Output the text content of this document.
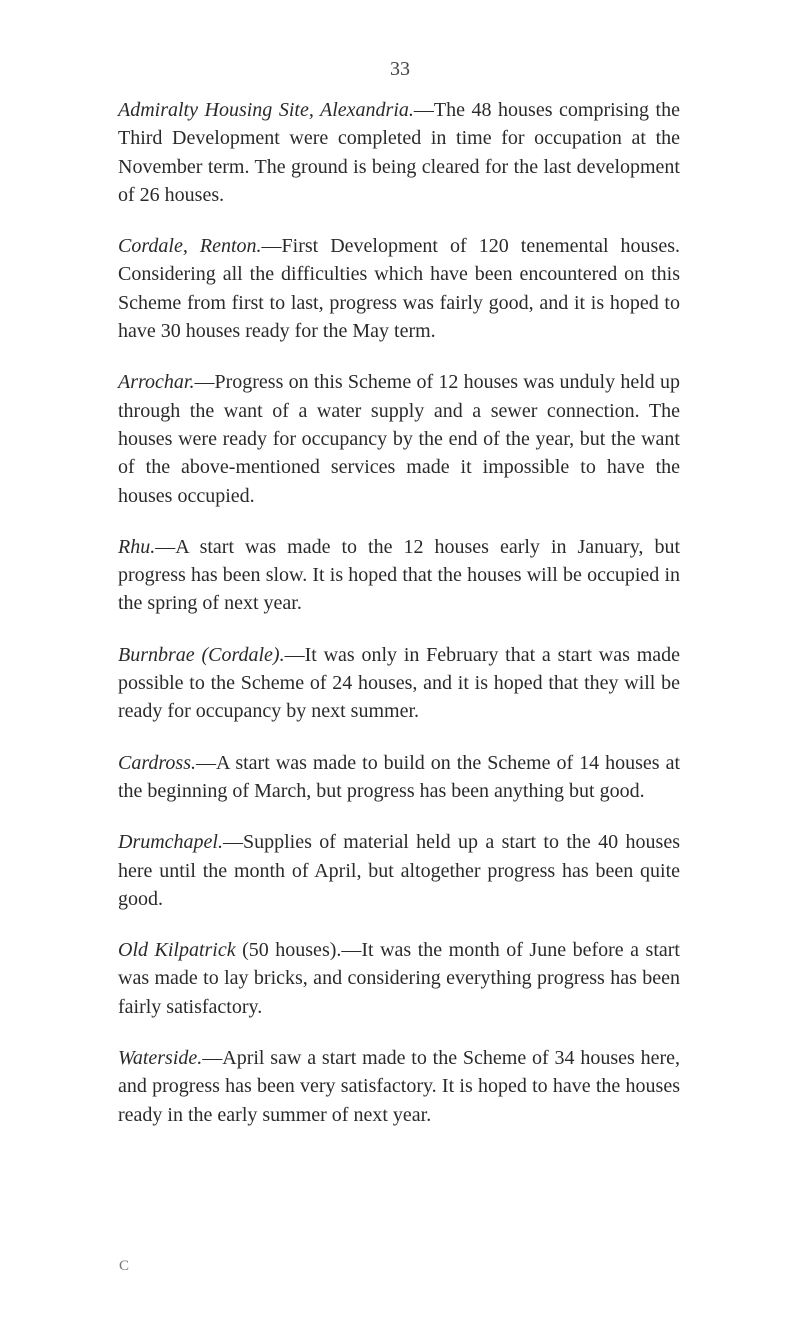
33

Admiralty Housing Site, Alexandria.—The 48 houses comprising the Third Development were completed in time for occupation at the November term. The ground is being cleared for the last development of 26 houses.

Cordale, Renton.—First Development of 120 tenemental houses. Considering all the difficulties which have been encountered on this Scheme from first to last, progress was fairly good, and it is hoped to have 30 houses ready for the May term.

Arrochar.—Progress on this Scheme of 12 houses was unduly held up through the want of a water supply and a sewer connection. The houses were ready for occupancy by the end of the year, but the want of the above-mentioned services made it impossible to have the houses occupied.

Rhu.—A start was made to the 12 houses early in January, but progress has been slow. It is hoped that the houses will be occupied in the spring of next year.

Burnbrae (Cordale).—It was only in February that a start was made possible to the Scheme of 24 houses, and it is hoped that they will be ready for occupancy by next summer.

Cardross.—A start was made to build on the Scheme of 14 houses at the beginning of March, but progress has been anything but good.

Drumchapel.—Supplies of material held up a start to the 40 houses here until the month of April, but altogether progress has been quite good.

Old Kilpatrick (50 houses).—It was the month of June before a start was made to lay bricks, and considering everything progress has been fairly satisfactory.

Waterside.—April saw a start made to the Scheme of 34 houses here, and progress has been very satisfactory. It is hoped to have the houses ready in the early summer of next year.

C
